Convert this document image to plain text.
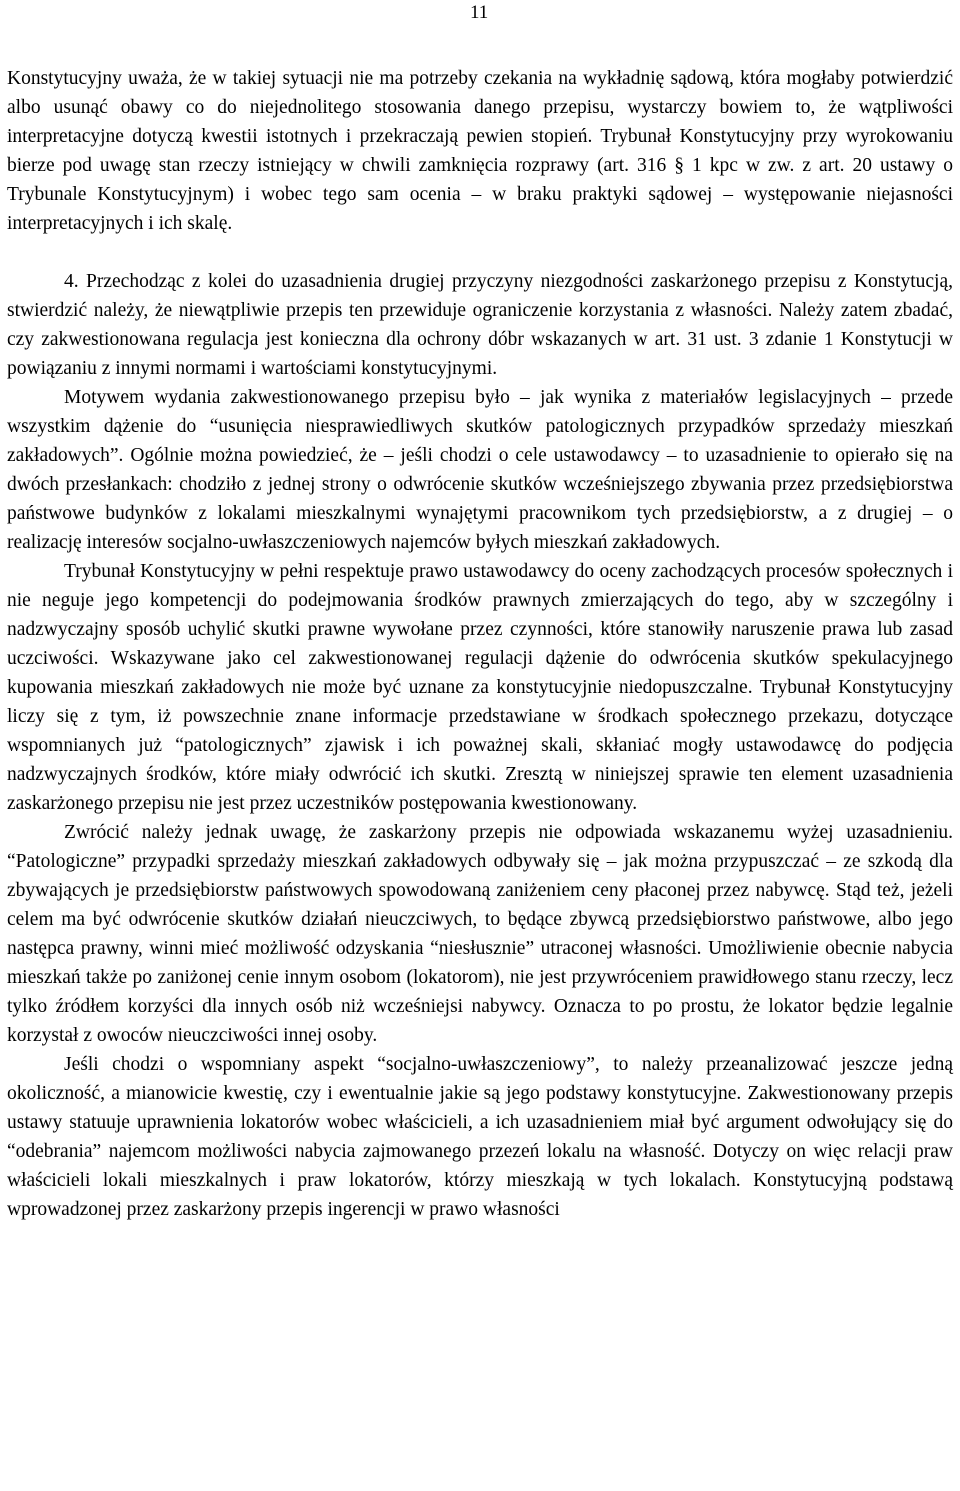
11

Konstytucyjny uważa, że w takiej sytuacji nie ma potrzeby czekania na wykładnię sądową, która mogłaby potwierdzić albo usunąć obawy co do niejednolitego stosowania danego przepisu, wystarczy bowiem to, że wątpliwości interpretacyjne dotyczą kwestii istotnych i przekraczają pewien stopień. Trybunał Konstytucyjny przy wyrokowaniu bierze pod uwagę stan rzeczy istniejący w chwili zamknięcia rozprawy (art. 316 § 1 kpc w zw. z art. 20 ustawy o Trybunale Konstytucyjnym) i wobec tego sam ocenia – w braku praktyki sądowej – występowanie niejasności interpretacyjnych i ich skalę.

4. Przechodząc z kolei do uzasadnienia drugiej przyczyny niezgodności zaskarżonego przepisu z Konstytucją, stwierdzić należy, że niewątpliwie przepis ten przewiduje ograniczenie korzystania z własności. Należy zatem zbadać, czy zakwestionowana regulacja jest konieczna dla ochrony dóbr wskazanych w art. 31 ust. 3 zdanie 1 Konstytucji w powiązaniu z innymi normami i wartościami konstytucyjnymi.

Motywem wydania zakwestionowanego przepisu było – jak wynika z materiałów legislacyjnych – przede wszystkim dążenie do “usunięcia niesprawiedliwych skutków patologicznych przypadków sprzedaży mieszkań zakładowych”. Ogólnie można powiedzieć, że – jeśli chodzi o cele ustawodawcy – to uzasadnienie to opierało się na dwóch przesłankach: chodziło z jednej strony o odwrócenie skutków wcześniejszego zbywania przez przedsiębiorstwa państwowe budynków z lokalami mieszkalnymi wynajętymi pracownikom tych przedsiębiorstw, a z drugiej – o realizację interesów socjalno-uwłaszczeniowych najemców byłych mieszkań zakładowych.

Trybunał Konstytucyjny w pełni respektuje prawo ustawodawcy do oceny zachodzących procesów społecznych i nie neguje jego kompetencji do podejmowania środków prawnych zmierzających do tego, aby w szczególny i nadzwyczajny sposób uchylić skutki prawne wywołane przez czynności, które stanowiły naruszenie prawa lub zasad uczciwości. Wskazywane jako cel zakwestionowanej regulacji dążenie do odwrócenia skutków spekulacyjnego kupowania mieszkań zakładowych nie może być uznane za konstytucyjnie niedopuszczalne. Trybunał Konstytucyjny liczy się z tym, iż powszechnie znane informacje przedstawiane w środkach społecznego przekazu, dotyczące wspomnianych już “patologicznych” zjawisk i ich poważnej skali, skłaniać mogły ustawodawcę do podjęcia nadzwyczajnych środków, które miały odwrócić ich skutki. Zresztą w niniejszej sprawie ten element uzasadnienia zaskarżonego przepisu nie jest przez uczestników postępowania kwestionowany.

Zwrócić należy jednak uwagę, że zaskarżony przepis nie odpowiada wskazanemu wyżej uzasadnieniu. “Patologiczne” przypadki sprzedaży mieszkań zakładowych odbywały się – jak można przypuszczać – ze szkodą dla zbywających je przedsiębiorstw państwowych spowodowaną zaniżeniem ceny płaconej przez nabywcę. Stąd też, jeżeli celem ma być odwrócenie skutków działań nieuczciwych, to będące zbywcą przedsiębiorstwo państwowe, albo jego następca prawny, winni mieć możliwość odzyskania “niesłusznie” utraconej własności. Umożliwienie obecnie nabycia mieszkań także po zaniżonej cenie innym osobom (lokatorom), nie jest przywróceniem prawidłowego stanu rzeczy, lecz tylko źródłem korzyści dla innych osób niż wcześniejsi nabywcy. Oznacza to po prostu, że lokator będzie legalnie korzystał z owoców nieuczciwości innej osoby.

Jeśli chodzi o wspomniany aspekt “socjalno-uwłaszczeniowy”, to należy przeanalizować jeszcze jedną okoliczność, a mianowicie kwestię, czy i ewentualnie jakie są jego podstawy konstytucyjne. Zakwestionowany przepis ustawy statuuje uprawnienia lokatorów wobec właścicieli, a ich uzasadnieniem miał być argument odwołujący się do “odebrania” najemcom możliwości nabycia zajmowanego przezeń lokalu na własność. Dotyczy on więc relacji praw właścicieli lokali mieszkalnych i praw lokatorów, którzy mieszkają w tych lokalach. Konstytucyjną podstawą wprowadzonej przez zaskarżony przepis ingerencji w prawo własności
